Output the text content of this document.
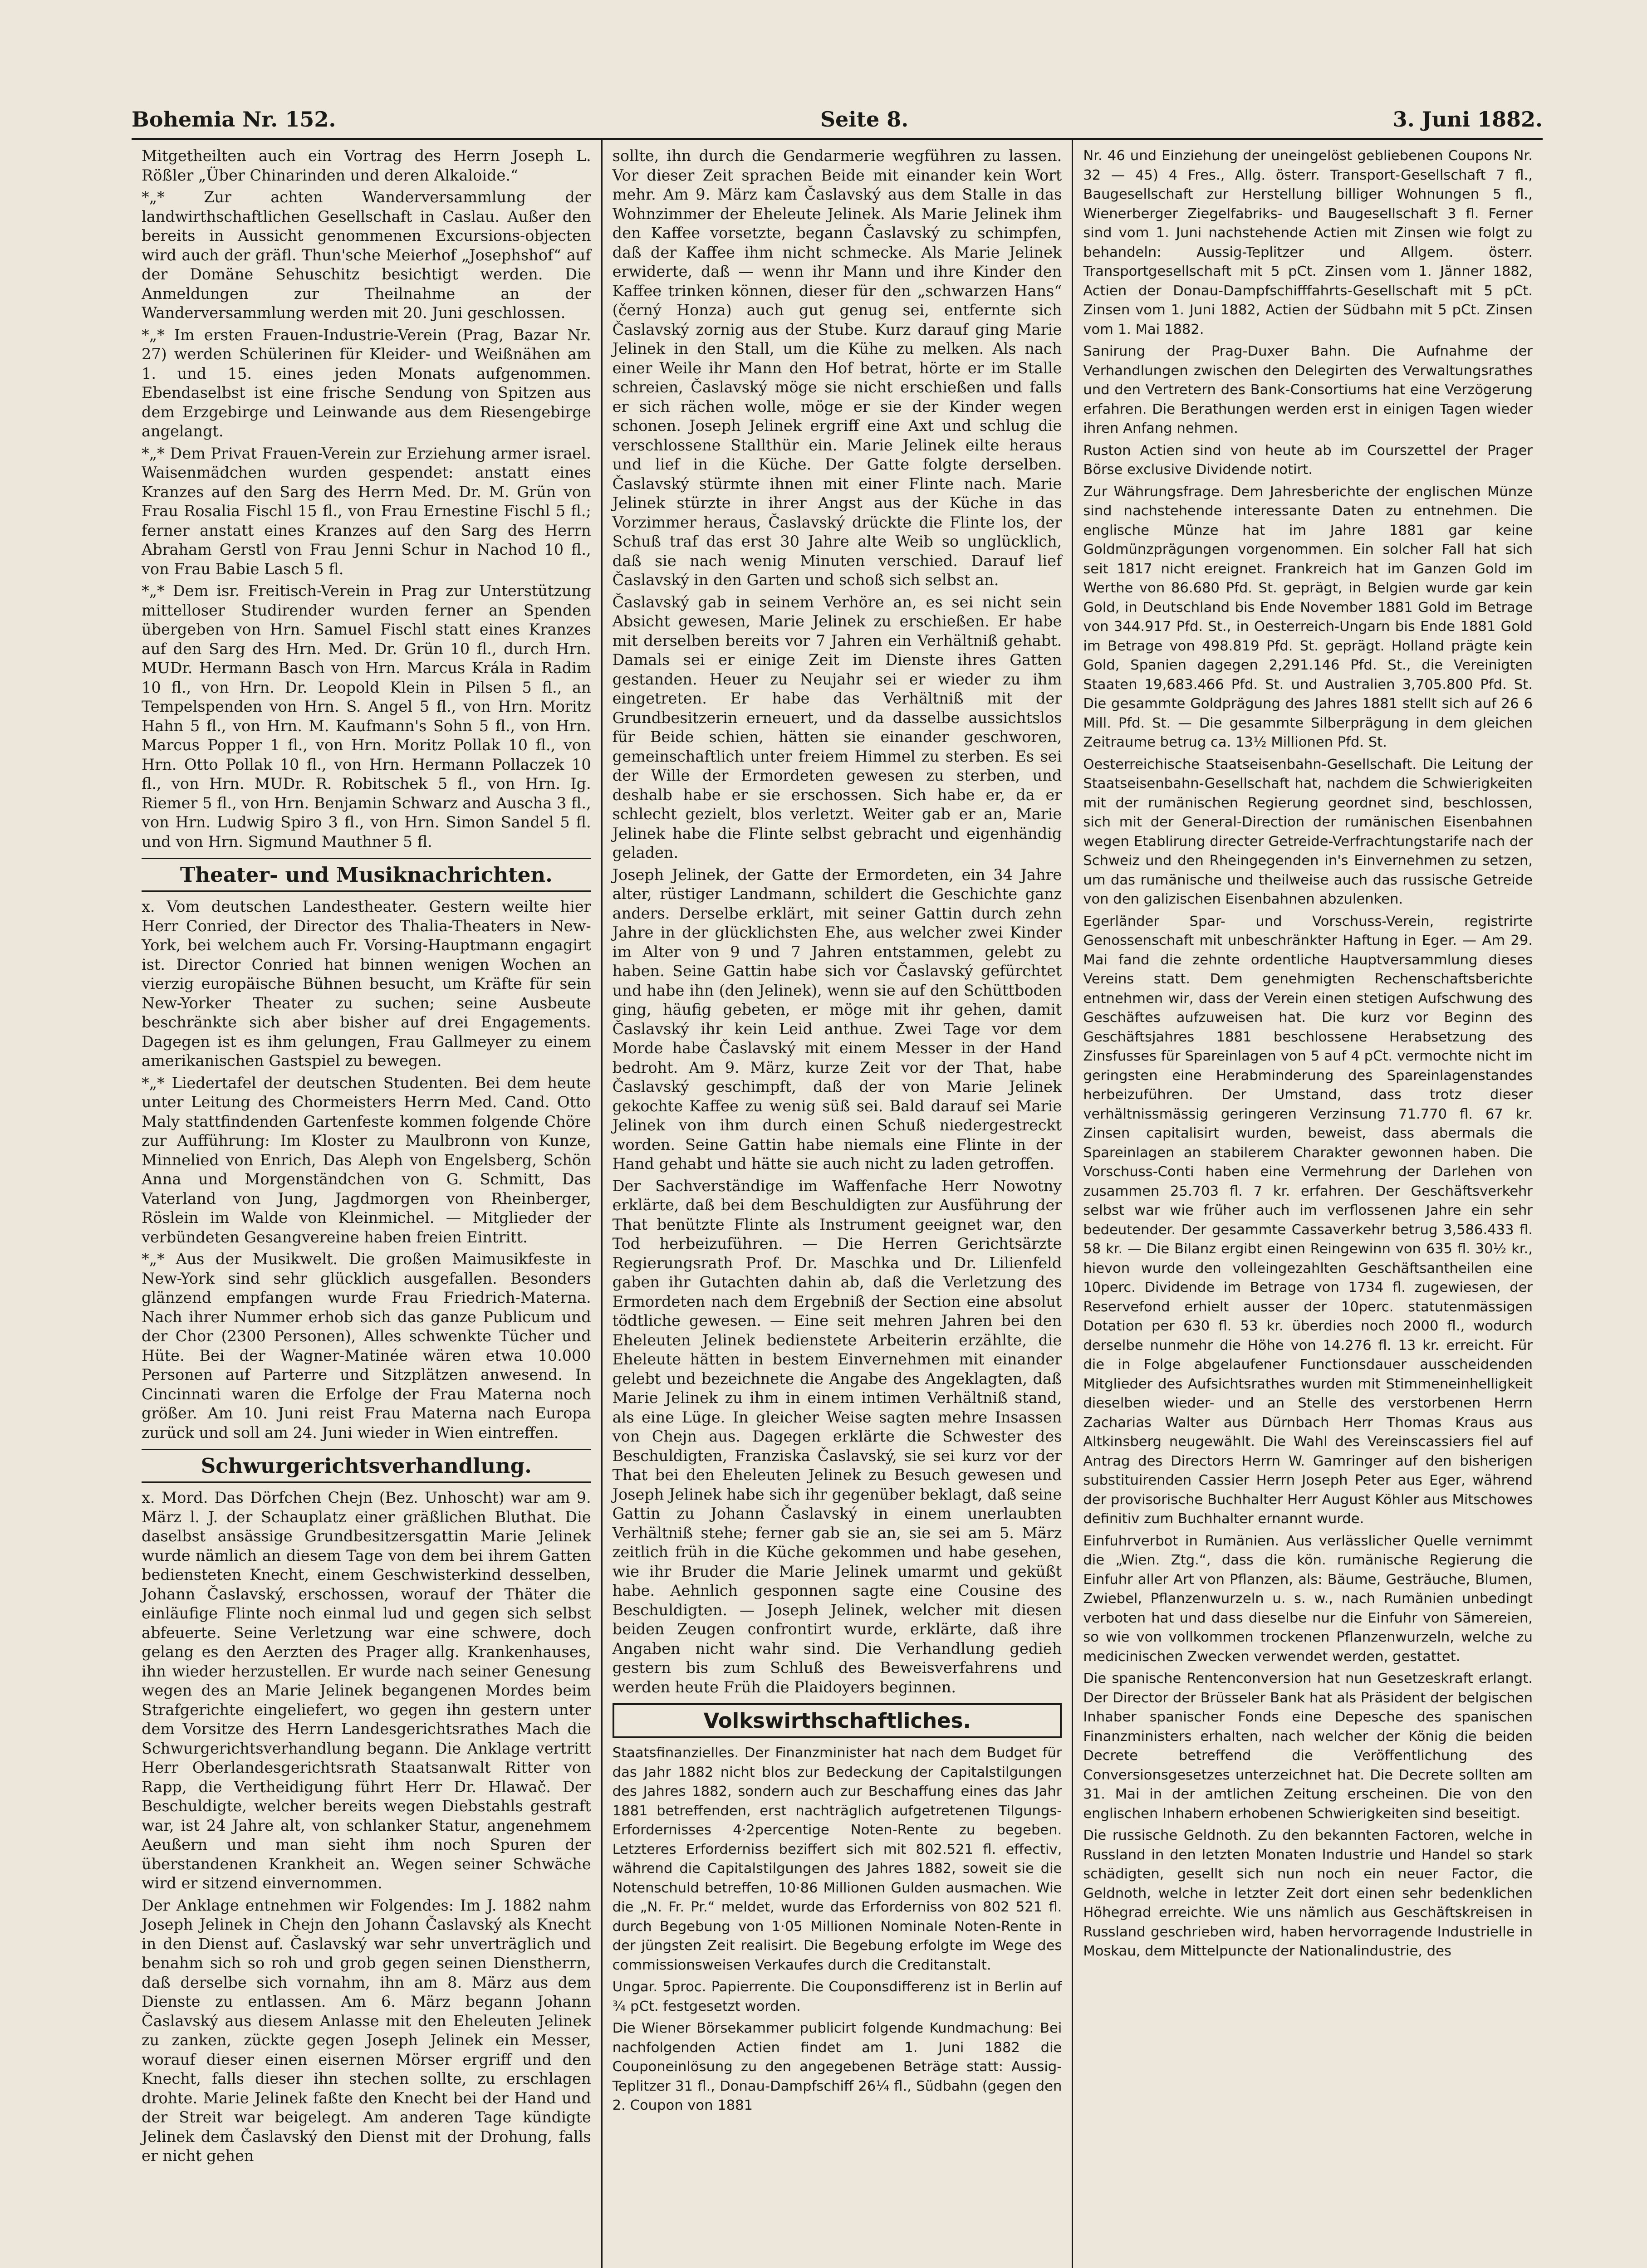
Bohemia Nr. 152.	Seite 8.	3. Juni 1882.

Mitgetheilten auch ein Vortrag des Herrn Joseph L. Rößler „Über Chinarinden und deren Alkaloide.“

*„* Zur achten Wanderversammlung der landwirthschaftlichen Gesellschaft in Caslau. Außer den bereits in Aussicht genommenen Excursions-objecten wird auch der gräfl. Thun'sche Meierhof „Josephshof“ auf der Domäne Sehuschitz besichtigt werden. Die Anmeldungen zur Theilnahme an der Wanderversammlung werden mit 20. Juni geschlossen.

*„* Im ersten Frauen-Industrie-Verein (Prag, Bazar Nr. 27) werden Schülerinen für Kleider- und Weißnähen am 1. und 15. eines jeden Monats aufgenommen. Ebendaselbst ist eine frische Sendung von Spitzen aus dem Erzgebirge und Leinwande aus dem Riesengebirge angelangt.

*„* Dem Privat Frauen-Verein zur Erziehung armer israel. Waisenmädchen wurden gespendet: anstatt eines Kranzes auf den Sarg des Herrn Med. Dr. M. Grün von Frau Rosalia Fischl 15 fl., von Frau Ernestine Fischl 5 fl.; ferner anstatt eines Kranzes auf den Sarg des Herrn Abraham Gerstl von Frau Jenni Schur in Nachod 10 fl., von Frau Babie Lasch 5 fl.

*„* Dem isr. Freitisch-Verein in Prag zur Unterstützung mittelloser Studirender wurden ferner an Spenden übergeben von Hrn. Samuel Fischl statt eines Kranzes auf den Sarg des Hrn. Med. Dr. Grün 10 fl., durch Hrn. MUDr. Hermann Basch von Hrn. Marcus Krála in Radim 10 fl., von Hrn. Dr. Leopold Klein in Pilsen 5 fl., an Tempelspenden von Hrn. S. Angel 5 fl., von Hrn. Moritz Hahn 5 fl., von Hrn. M. Kaufmann's Sohn 5 fl., von Hrn. Marcus Popper 1 fl., von Hrn. Moritz Pollak 10 fl., von Hrn. Otto Pollak 10 fl., von Hrn. Hermann Pollaczek 10 fl., von Hrn. MUDr. R. Robitschek 5 fl., von Hrn. Ig. Riemer 5 fl., von Hrn. Benjamin Schwarz and Auscha 3 fl., von Hrn. Ludwig Spiro 3 fl., von Hrn. Simon Sandel 5 fl. und von Hrn. Sigmund Mauthner 5 fl.

Theater- und Musiknachrichten.

x. Vom deutschen Landestheater. Gestern weilte hier Herr Conried, der Director des Thalia-Theaters in New-York, bei welchem auch Fr. Vorsing-Hauptmann engagirt ist. Director Conried hat binnen wenigen Wochen an vierzig europäische Bühnen besucht, um Kräfte für sein New-Yorker Theater zu suchen; seine Ausbeute beschränkte sich aber bisher auf drei Engagements. Dagegen ist es ihm gelungen, Frau Gallmeyer zu einem amerikanischen Gastspiel zu bewegen.

*„* Liedertafel der deutschen Studenten. Bei dem heute unter Leitung des Chormeisters Herrn Med. Cand. Otto Maly stattfindenden Gartenfeste kommen folgende Chöre zur Aufführung: Im Kloster zu Maulbronn von Kunze, Minnelied von Enrich, Das Aleph von Engelsberg, Schön Anna und Morgenständchen von G. Schmitt, Das Vaterland von Jung, Jagdmorgen von Rheinberger, Röslein im Walde von Kleinmichel. — Mitglieder der verbündeten Gesangvereine haben freien Eintritt.

*„* Aus der Musikwelt. Die großen Maimusikfeste in New-York sind sehr glücklich ausgefallen. Besonders glänzend empfangen wurde Frau Friedrich-Materna. Nach ihrer Nummer erhob sich das ganze Publicum und der Chor (2300 Personen), Alles schwenkte Tücher und Hüte. Bei der Wagner-Matinée wären etwa 10.000 Personen auf Parterre und Sitzplätzen anwesend. In Cincinnati waren die Erfolge der Frau Materna noch größer. Am 10. Juni reist Frau Materna nach Europa zurück und soll am 24. Juni wieder in Wien eintreffen.

Schwurgerichtsverhandlung.

x. Mord. Das Dörfchen Chejn (Bez. Unhoscht) war am 9. März l. J. der Schauplatz einer gräßlichen Bluthat. Die daselbst ansässige Grundbesitzersgattin Marie Jelinek wurde nämlich an diesem Tage von dem bei ihrem Gatten bediensteten Knecht, einem Geschwisterkind desselben, Johann Časlavský, erschossen, worauf der Thäter die einläufige Flinte noch einmal lud und gegen sich selbst abfeuerte. Seine Verletzung war eine schwere, doch gelang es den Aerzten des Prager allg. Krankenhauses, ihn wieder herzustellen. Er wurde nach seiner Genesung wegen des an Marie Jelinek begangenen Mordes beim Strafgerichte eingeliefert, wo gegen ihn gestern unter dem Vorsitze des Herrn Landesgerichtsrathes Mach die Schwurgerichtsverhandlung begann. Die Anklage vertritt Herr Oberlandesgerichtsrath Staatsanwalt Ritter von Rapp, die Vertheidigung führt Herr Dr. Hlawač. Der Beschuldigte, welcher bereits wegen Diebstahls gestraft war, ist 24 Jahre alt, von schlanker Statur, angenehmem Aeußern und man sieht ihm noch Spuren der überstandenen Krankheit an. Wegen seiner Schwäche wird er sitzend einvernommen.

Der Anklage entnehmen wir Folgendes: Im J. 1882 nahm Joseph Jelinek in Chejn den Johann Časlavský als Knecht in den Dienst auf. Časlavský war sehr unverträglich und benahm sich so roh und grob gegen seinen Dienstherrn, daß derselbe sich vornahm, ihn am 8. März aus dem Dienste zu entlassen. Am 6. März begann Johann Časlavský aus diesem Anlasse mit den Eheleuten Jelinek zu zanken, zückte gegen Joseph Jelinek ein Messer, worauf dieser einen eisernen Mörser ergriff und den Knecht, falls dieser ihn stechen sollte, zu erschlagen drohte. Marie Jelinek faßte den Knecht bei der Hand und der Streit war beigelegt. Am anderen Tage kündigte Jelinek dem Časlavský den Dienst mit der Drohung, falls er nicht gehen

sollte, ihn durch die Gendarmerie wegführen zu lassen. Vor dieser Zeit sprachen Beide mit einander kein Wort mehr. Am 9. März kam Časlavský aus dem Stalle in das Wohnzimmer der Eheleute Jelinek. Als Marie Jelinek ihm den Kaffee vorsetzte, begann Časlavský zu schimpfen, daß der Kaffee ihm nicht schmecke. Als Marie Jelinek erwiderte, daß — wenn ihr Mann und ihre Kinder den Kaffee trinken können, dieser für den „schwarzen Hans“ (černý Honza) auch gut genug sei, entfernte sich Časlavský zornig aus der Stube. Kurz darauf ging Marie Jelinek in den Stall, um die Kühe zu melken. Als nach einer Weile ihr Mann den Hof betrat, hörte er im Stalle schreien, Časlavský möge sie nicht erschießen und falls er sich rächen wolle, möge er sie der Kinder wegen schonen. Joseph Jelinek ergriff eine Axt und schlug die verschlossene Stallthür ein. Marie Jelinek eilte heraus und lief in die Küche. Der Gatte folgte derselben. Časlavský stürmte ihnen mit einer Flinte nach. Marie Jelinek stürzte in ihrer Angst aus der Küche in das Vorzimmer heraus, Časlavský drückte die Flinte los, der Schuß traf das erst 30 Jahre alte Weib so unglücklich, daß sie nach wenig Minuten verschied. Darauf lief Časlavský in den Garten und schoß sich selbst an.

Časlavský gab in seinem Verhöre an, es sei nicht sein Absicht gewesen, Marie Jelinek zu erschießen. Er habe mit derselben bereits vor 7 Jahren ein Verhältniß gehabt. Damals sei er einige Zeit im Dienste ihres Gatten gestanden. Heuer zu Neujahr sei er wieder zu ihm eingetreten. Er habe das Verhältniß mit der Grundbesitzerin erneuert, und da dasselbe aussichtslos für Beide schien, hätten sie einander geschworen, gemeinschaftlich unter freiem Himmel zu sterben. Es sei der Wille der Ermordeten gewesen zu sterben, und deshalb habe er sie erschossen. Sich habe er, da er schlecht gezielt, blos verletzt. Weiter gab er an, Marie Jelinek habe die Flinte selbst gebracht und eigenhändig geladen.

Joseph Jelinek, der Gatte der Ermordeten, ein 34 Jahre alter, rüstiger Landmann, schildert die Geschichte ganz anders. Derselbe erklärt, mit seiner Gattin durch zehn Jahre in der glücklichsten Ehe, aus welcher zwei Kinder im Alter von 9 und 7 Jahren entstammen, gelebt zu haben. Seine Gattin habe sich vor Časlavský gefürchtet und habe ihn (den Jelinek), wenn sie auf den Schüttboden ging, häufig gebeten, er möge mit ihr gehen, damit Časlavský ihr kein Leid anthue. Zwei Tage vor dem Morde habe Časlavský mit einem Messer in der Hand bedroht. Am 9. März, kurze Zeit vor der That, habe Časlavský geschimpft, daß der von Marie Jelinek gekochte Kaffee zu wenig süß sei. Bald darauf sei Marie Jelinek von ihm durch einen Schuß niedergestreckt worden. Seine Gattin habe niemals eine Flinte in der Hand gehabt und hätte sie auch nicht zu laden getroffen.

Der Sachverständige im Waffenfache Herr Nowotny erklärte, daß bei dem Beschuldigten zur Ausführung der That benützte Flinte als Instrument geeignet war, den Tod herbeizuführen. — Die Herren Gerichtsärzte Regierungsrath Prof. Dr. Maschka und Dr. Lilienfeld gaben ihr Gutachten dahin ab, daß die Verletzung des Ermordeten nach dem Ergebniß der Section eine absolut tödtliche gewesen. — Eine seit mehren Jahren bei den Eheleuten Jelinek bedienstete Arbeiterin erzählte, die Eheleute hätten in bestem Einvernehmen mit einander gelebt und bezeichnete die Angabe des Angeklagten, daß Marie Jelinek zu ihm in einem intimen Verhältniß stand, als eine Lüge. In gleicher Weise sagten mehre Insassen von Chejn aus. Dagegen erklärte die Schwester des Beschuldigten, Franziska Časlavský, sie sei kurz vor der That bei den Eheleuten Jelinek zu Besuch gewesen und Joseph Jelinek habe sich ihr gegenüber beklagt, daß seine Gattin zu Johann Časlavský in einem unerlaubten Verhältniß stehe; ferner gab sie an, sie sei am 5. März zeitlich früh in die Küche gekommen und habe gesehen, wie ihr Bruder die Marie Jelinek umarmt und geküßt habe. Aehnlich gesponnen sagte eine Cousine des Beschuldigten. — Joseph Jelinek, welcher mit diesen beiden Zeugen confrontirt wurde, erklärte, daß ihre Angaben nicht wahr sind. Die Verhandlung gedieh gestern bis zum Schluß des Beweisverfahrens und werden heute Früh die Plaidoyers beginnen.

Volkswirthschaftliches.

Staatsfinanzielles. Der Finanzminister hat nach dem Budget für das Jahr 1882 nicht blos zur Bedeckung der Capitalstilgungen des Jahres 1882, sondern auch zur Beschaffung eines das Jahr 1881 betreffenden, erst nachträglich aufgetretenen Tilgungs-Erfordernisses 4·2percentige Noten-Rente zu begeben. Letzteres Erforderniss beziffert sich mit 802.521 fl. effectiv, während die Capitalstilgungen des Jahres 1882, soweit sie die Notenschuld betreffen, 10·86 Millionen Gulden ausmachen. Wie die „N. Fr. Pr.“ meldet, wurde das Erforderniss von 802 521 fl. durch Begebung von 1·05 Millionen Nominale Noten-Rente in der jüngsten Zeit realisirt. Die Begebung erfolgte im Wege des commissionsweisen Verkaufes durch die Creditanstalt.

Ungar. 5proc. Papierrente. Die Couponsdifferenz ist in Berlin auf ¾ pCt. festgesetzt worden.

Die Wiener Börsekammer publicirt folgende Kundmachung: Bei nachfolgenden Actien findet am 1. Juni 1882 die Couponeinlösung zu den angegebenen Beträge statt: Aussig-Teplitzer 31 fl., Donau-Dampfschiff 26¼ fl., Südbahn (gegen den 2. Coupon von 1881

Nr. 46 und Einziehung der uneingelöst gebliebenen Coupons Nr. 32 — 45) 4 Fres., Allg. österr. Transport-Gesellschaft 7 fl., Baugesellschaft zur Herstellung billiger Wohnungen 5 fl., Wienerberger Ziegelfabriks- und Baugesellschaft 3 fl. Ferner sind vom 1. Juni nachstehende Actien mit Zinsen wie folgt zu behandeln: Aussig-Teplitzer und Allgem. österr. Transportgesellschaft mit 5 pCt. Zinsen vom 1. Jänner 1882, Actien der Donau-Dampfschifffahrts-Gesellschaft mit 5 pCt. Zinsen vom 1. Juni 1882, Actien der Südbahn mit 5 pCt. Zinsen vom 1. Mai 1882.

Sanirung der Prag-Duxer Bahn. Die Aufnahme der Verhandlungen zwischen den Delegirten des Verwaltungsrathes und den Vertretern des Bank-Consortiums hat eine Verzögerung erfahren. Die Berathungen werden erst in einigen Tagen wieder ihren Anfang nehmen.

Ruston Actien sind von heute ab im Courszettel der Prager Börse exclusive Dividende notirt.

Zur Währungsfrage. Dem Jahresberichte der englischen Münze sind nachstehende interessante Daten zu entnehmen. Die englische Münze hat im Jahre 1881 gar keine Goldmünzprägungen vorgenommen. Ein solcher Fall hat sich seit 1817 nicht ereignet. Frankreich hat im Ganzen Gold im Werthe von 86.680 Pfd. St. geprägt, in Belgien wurde gar kein Gold, in Deutschland bis Ende November 1881 Gold im Betrage von 344.917 Pfd. St., in Oesterreich-Ungarn bis Ende 1881 Gold im Betrage von 498.819 Pfd. St. geprägt. Holland prägte kein Gold, Spanien dagegen 2,291.146 Pfd. St., die Vereinigten Staaten 19,683.466 Pfd. St. und Australien 3,705.800 Pfd. St. Die gesammte Goldprägung des Jahres 1881 stellt sich auf 26 6 Mill. Pfd. St. — Die gesammte Silberprägung in dem gleichen Zeitraume betrug ca. 13½ Millionen Pfd. St.

Oesterreichische Staatseisenbahn-Gesellschaft. Die Leitung der Staatseisenbahn-Gesellschaft hat, nachdem die Schwierigkeiten mit der rumänischen Regierung geordnet sind, beschlossen, sich mit der General-Direction der rumänischen Eisenbahnen wegen Etablirung directer Getreide-Verfrachtungstarife nach der Schweiz und den Rheingegenden in's Einvernehmen zu setzen, um das rumänische und theilweise auch das russische Getreide von den galizischen Eisenbahnen abzulenken.

Egerländer Spar- und Vorschuss-Verein, registrirte Genossenschaft mit unbeschränkter Haftung in Eger. — Am 29. Mai fand die zehnte ordentliche Hauptversammlung dieses Vereins statt. Dem genehmigten Rechenschaftsberichte entnehmen wir, dass der Verein einen stetigen Aufschwung des Geschäftes aufzuweisen hat. Die kurz vor Beginn des Geschäftsjahres 1881 beschlossene Herabsetzung des Zinsfusses für Spareinlagen von 5 auf 4 pCt. vermochte nicht im geringsten eine Herabminderung des Spareinlagenstandes herbeizuführen. Der Umstand, dass trotz dieser verhältnissmässig geringeren Verzinsung 71.770 fl. 67 kr. Zinsen capitalisirt wurden, beweist, dass abermals die Spareinlagen an stabilerem Charakter gewonnen haben. Die Vorschuss-Conti haben eine Vermehrung der Darlehen von zusammen 25.703 fl. 7 kr. erfahren. Der Geschäftsverkehr selbst war wie früher auch im verflossenen Jahre ein sehr bedeutender. Der gesammte Cassaverkehr betrug 3,586.433 fl. 58 kr. — Die Bilanz ergibt einen Reingewinn von 635 fl. 30½ kr., hievon wurde den volleingezahlten Geschäftsantheilen eine 10perc. Dividende im Betrage von 1734 fl. zugewiesen, der Reservefond erhielt ausser der 10perc. statutenmässigen Dotation per 630 fl. 53 kr. überdies noch 2000 fl., wodurch derselbe nunmehr die Höhe von 14.276 fl. 13 kr. erreicht. Für die in Folge abgelaufener Functionsdauer ausscheidenden Mitglieder des Aufsichtsrathes wurden mit Stimmeneinhelligkeit dieselben wieder- und an Stelle des verstorbenen Herrn Zacharias Walter aus Dürnbach Herr Thomas Kraus aus Altkinsberg neugewählt. Die Wahl des Vereinscassiers fiel auf Antrag des Directors Herrn W. Gamringer auf den bisherigen substituirenden Cassier Herrn Joseph Peter aus Eger, während der provisorische Buchhalter Herr August Köhler aus Mitschowes definitiv zum Buchhalter ernannt wurde.

Einfuhrverbot in Rumänien. Aus verlässlicher Quelle vernimmt die „Wien. Ztg.“, dass die kön. rumänische Regierung die Einfuhr aller Art von Pflanzen, als: Bäume, Gesträuche, Blumen, Zwiebel, Pflanzenwurzeln u. s. w., nach Rumänien unbedingt verboten hat und dass dieselbe nur die Einfuhr von Sämereien, so wie von vollkommen trockenen Pflanzenwurzeln, welche zu medicinischen Zwecken verwendet werden, gestattet.

Die spanische Rentenconversion hat nun Gesetzeskraft erlangt. Der Director der Brüsseler Bank hat als Präsident der belgischen Inhaber spanischer Fonds eine Depesche des spanischen Finanzministers erhalten, nach welcher der König die beiden Decrete betreffend die Veröffentlichung des Conversionsgesetzes unterzeichnet hat. Die Decrete sollten am 31. Mai in der amtlichen Zeitung erscheinen. Die von den englischen Inhabern erhobenen Schwierigkeiten sind beseitigt.

Die russische Geldnoth. Zu den bekannten Factoren, welche in Russland in den letzten Monaten Industrie und Handel so stark schädigten, gesellt sich nun noch ein neuer Factor, die Geldnoth, welche in letzter Zeit dort einen sehr bedenklichen Höhegrad erreichte. Wie uns nämlich aus Geschäftskreisen in Russland geschrieben wird, haben hervorragende Industrielle in Moskau, dem Mittelpuncte der Nationalindustrie, des
